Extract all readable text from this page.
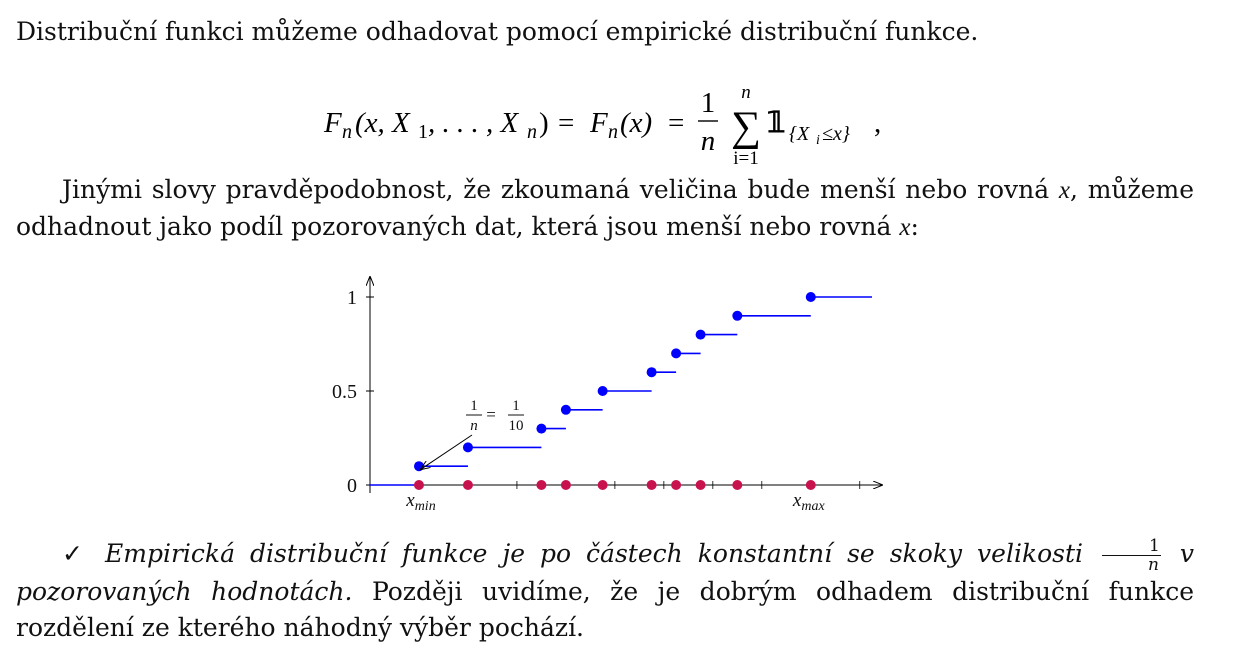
Distribuční funkci můžeme odhadovat pomocí empirické distribuční funkce.

F n (x, X 1 , . . . , X n ) = F n (x) =
1
n
n
∑
i=1
𝟙 {X i ≤x} ,

Jinými slovy pravděpodobnost, že zkoumaná veličina bude menší nebo rovná x, můžeme odhadnout jako podíl pozorovaných dat, která jsou menší nebo rovná x:

0
0.5
1
$x_{min}$	$x_{max}$
1
n
= 1
10

✓ Empirická distribuční funkce je po částech konstantní se skoky velikosti $\frac{1}{n}$ v pozorovaných hodnotách. Později uvidíme, že je dobrým odhadem distribuční funkce rozdělení ze kterého náhodný výběr pochází.
